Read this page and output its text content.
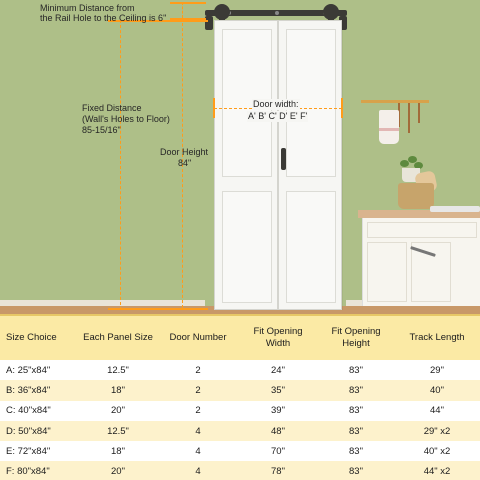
Minimum Distance from
the Rail Hole to the Ceiling is 6"
Fixed Distance
(Wall's Holes to Floor)
85-15/16"
Door Height
84"
Door width:
A' B' C' D' E' F'
Size Choice	Each Panel Size	Door Number	Fit Opening Width	Fit Opening Height	Track Length
A: 25"x84"	12.5"	2	24"	83"	29"
B: 36"x84"	18"	2	35"	83"	40"
C: 40"x84"	20"	2	39"	83"	44"
D: 50"x84"	12.5"	4	48"	83"	29" x2
E: 72"x84"	18"	4	70"	83"	40" x2
F: 80"x84"	20"	4	78"	83"	44" x2
